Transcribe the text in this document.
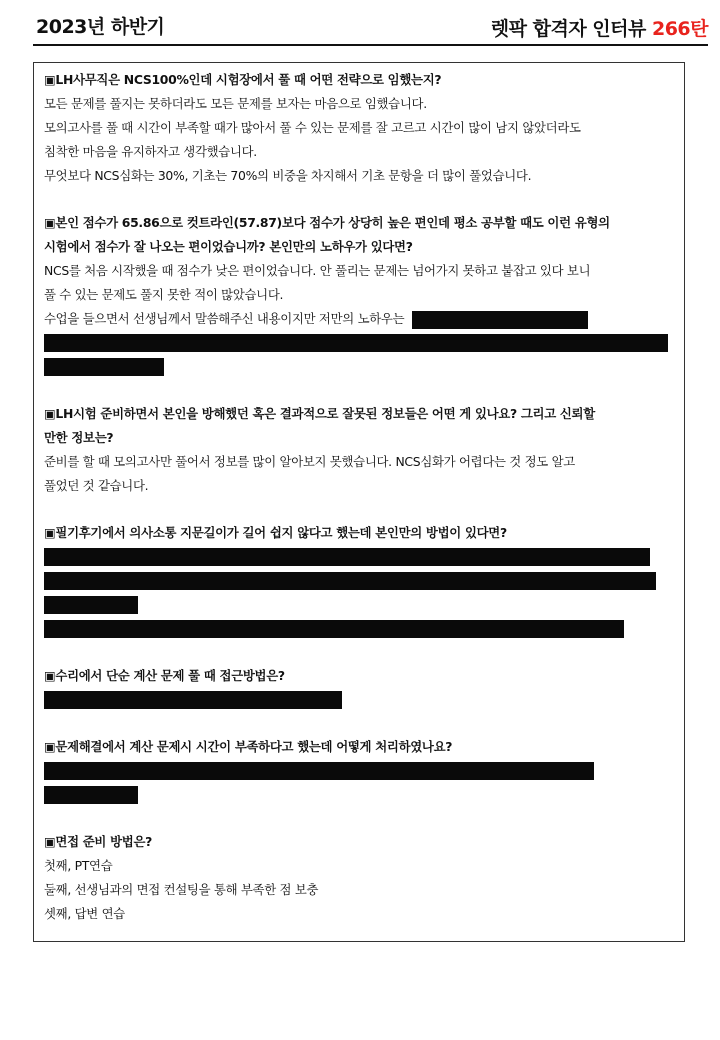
2023년 하반기	렛팍 합격자 인터뷰 266탄
▣LH사무직은 NCS100%인데 시험장에서 풀 때 어떤 전략으로 임했는지?
모든 문제를 풀지는 못하더라도 모든 문제를 보자는 마음으로 임했습니다.
모의고사를 풀 때 시간이 부족할 때가 많아서 풀 수 있는 문제를 잘 고르고 시간이 많이 남지 않았더라도
침착한 마음을 유지하자고 생각했습니다.
무엇보다 NCS심화는 30%, 기초는 70%의 비중을 차지해서 기초 문항을 더 많이 풀었습니다.
▣본인 점수가 65.86으로 컷트라인(57.87)보다 점수가 상당히 높은 편인데 평소 공부할 때도 이런 유형의
시험에서 점수가 잘 나오는 편이었습니까? 본인만의 노하우가 있다면?
NCS를 처음 시작했을 때 점수가 낮은 편이었습니다. 안 풀리는 문제는 넘어가지 못하고 붙잡고 있다 보니
풀 수 있는 문제도 풀지 못한 적이 많았습니다.
수업을 들으면서 선생님께서 말씀해주신 내용이지만 저만의 노하우는
▣LH시험 준비하면서 본인을 방해했던 혹은 결과적으로 잘못된 정보들은 어떤 게 있나요? 그리고 신뢰할
만한 정보는?
준비를 할 때 모의고사만 풀어서 정보를 많이 알아보지 못했습니다. NCS심화가 어렵다는 것 정도 알고
풀었던 것 같습니다.
▣필기후기에서 의사소통 지문길이가 길어 쉽지 않다고 했는데 본인만의 방법이 있다면?
▣수리에서 단순 계산 문제 풀 때 접근방법은?
▣문제해결에서 계산 문제시 시간이 부족하다고 했는데 어떻게 처리하였나요?
▣면접 준비 방법은?
첫째, PT연습
둘째, 선생님과의 면접 컨설팅을 통해 부족한 점 보충
셋째, 답변 연습
